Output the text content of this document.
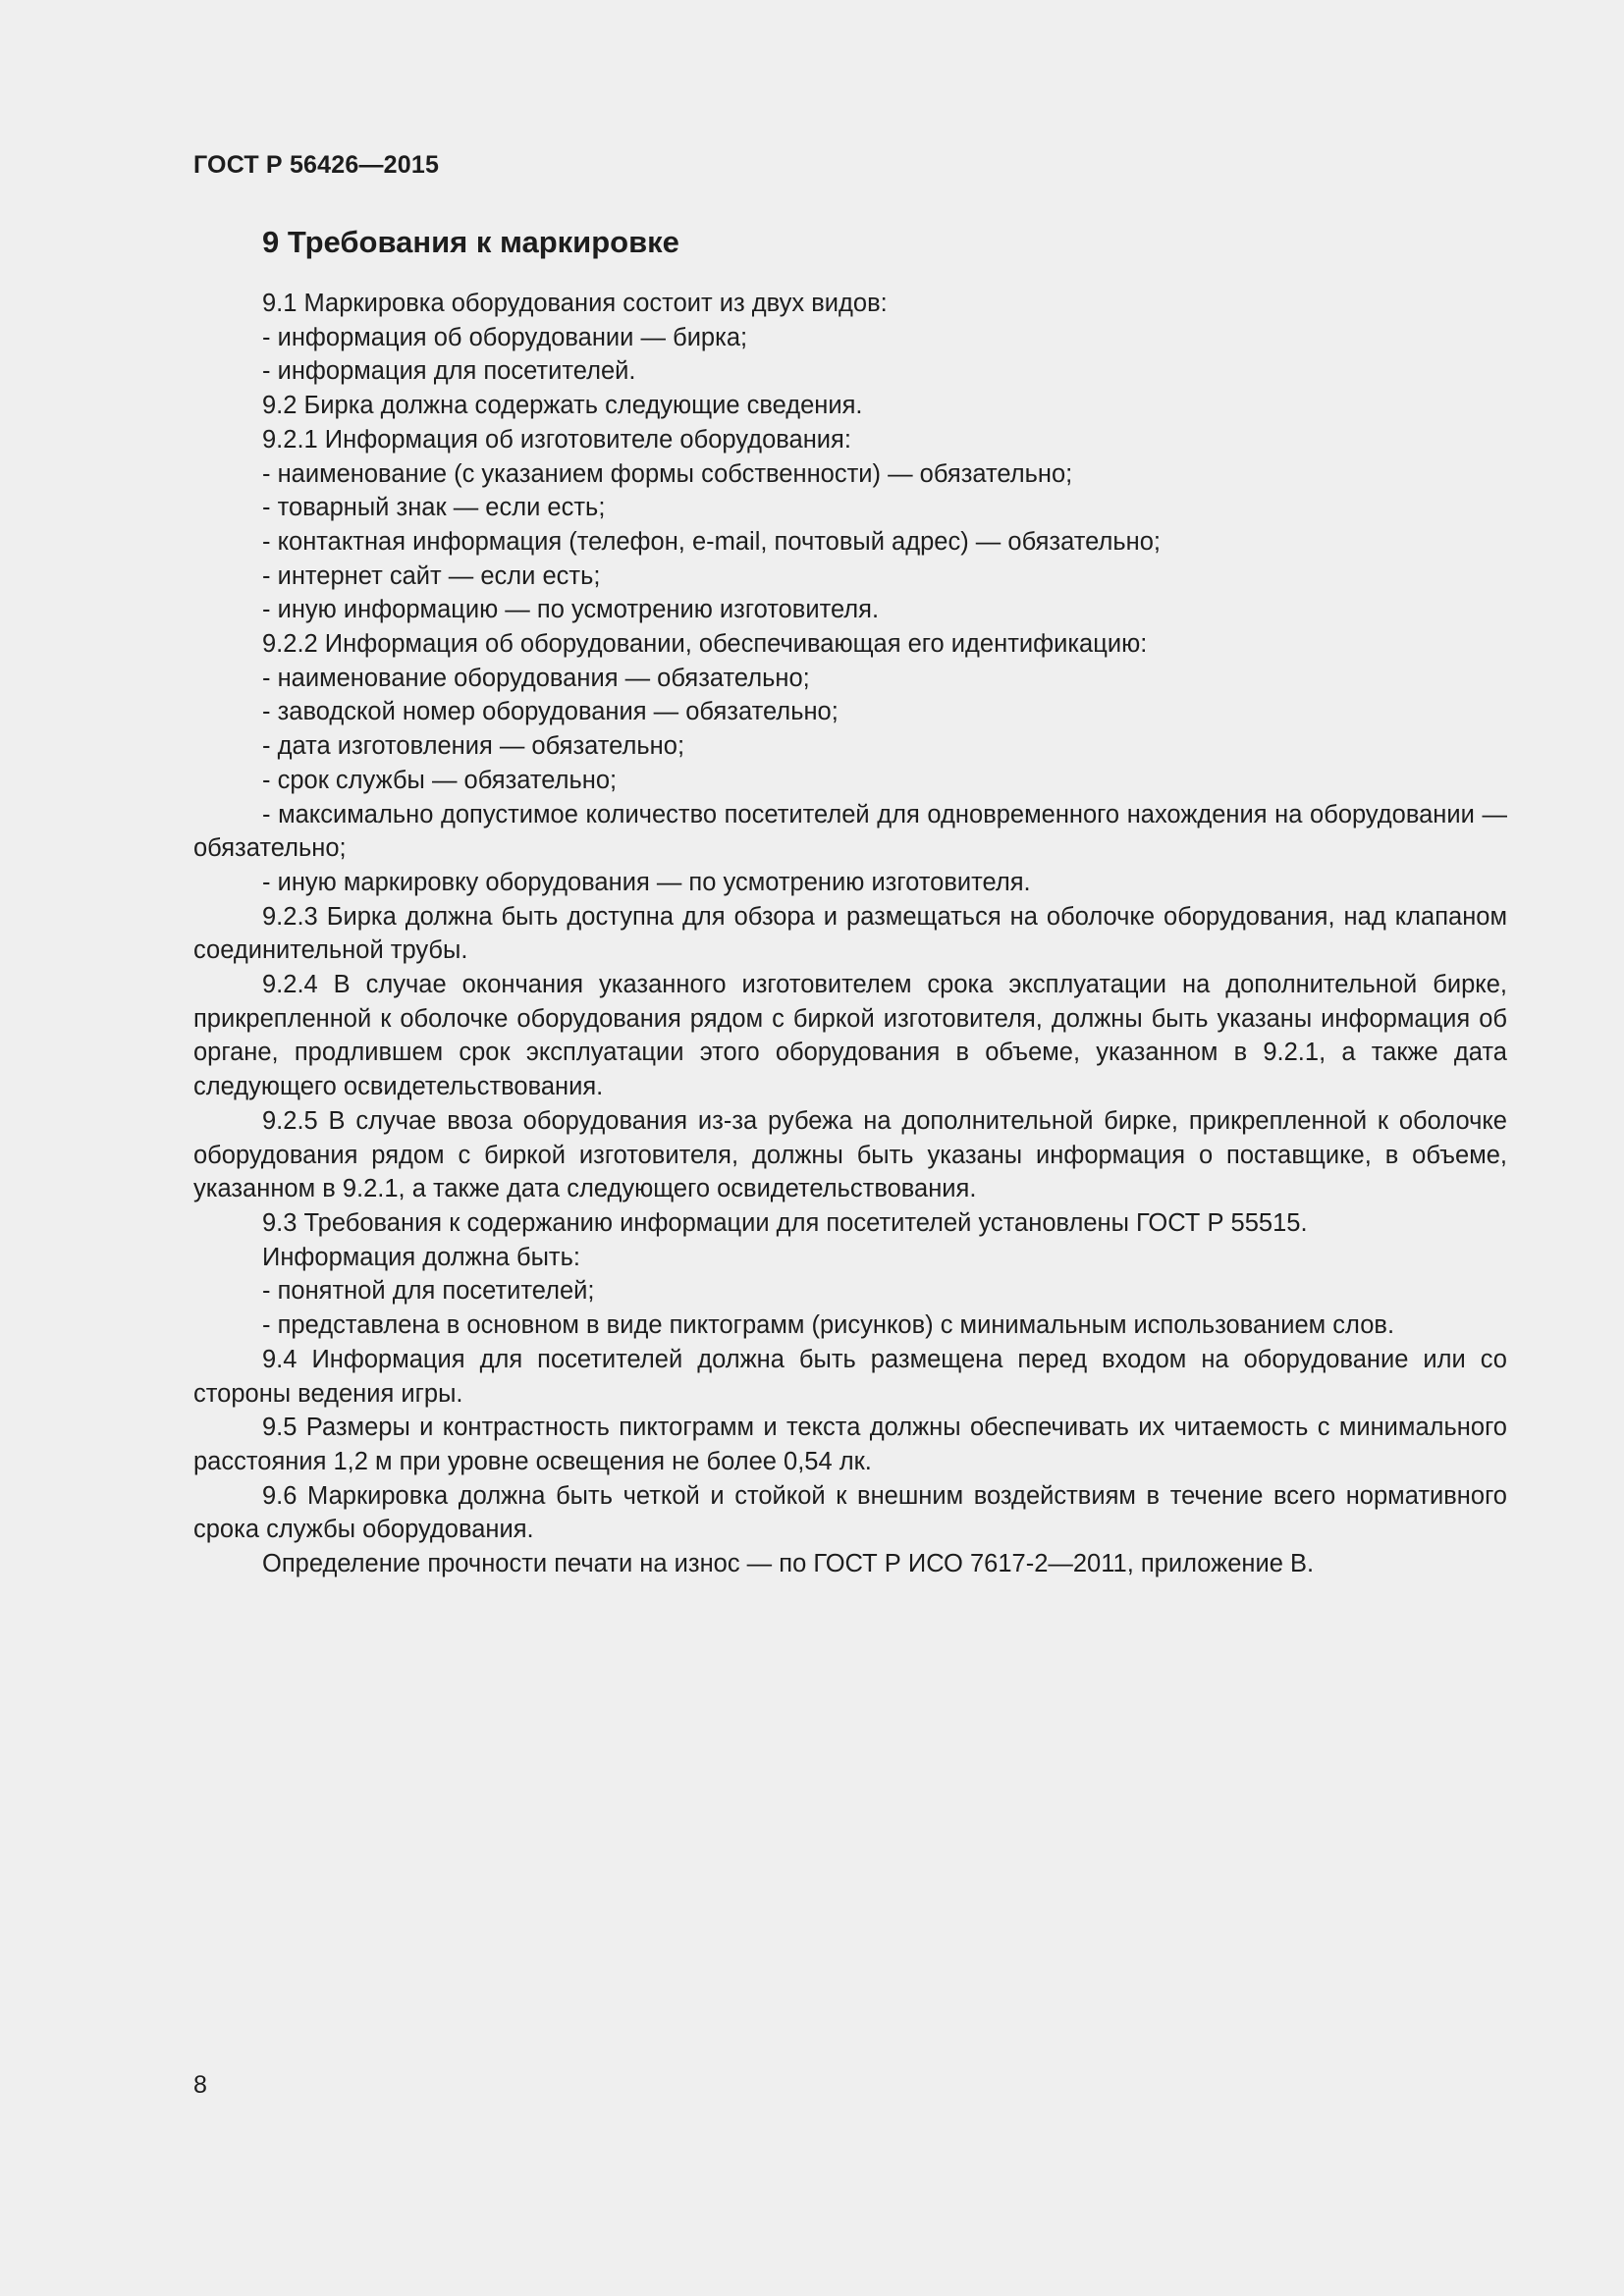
ГОСТ Р 56426—2015
9 Требования к маркировке

9.1 Маркировка оборудования состоит из двух видов:

- информация об оборудовании — бирка;

- информация для посетителей.

9.2 Бирка должна содержать следующие сведения.

9.2.1 Информация об изготовителе оборудования:

- наименование (с указанием формы собственности) — обязательно;

- товарный знак — если есть;

- контактная информация (телефон, e-mail, почтовый адрес) — обязательно;

- интернет сайт — если есть;

- иную информацию — по усмотрению изготовителя.

9.2.2 Информация об оборудовании, обеспечивающая его идентификацию:

- наименование оборудования — обязательно;

- заводской номер оборудования — обязательно;

- дата изготовления — обязательно;

- срок службы — обязательно;

- максимально допустимое количество посетителей для одновременного нахождения на оборудовании — обязательно;

- иную маркировку оборудования — по усмотрению изготовителя.

9.2.3 Бирка должна быть доступна для обзора и размещаться на оболочке оборудования, над клапаном соединительной трубы.

9.2.4 В случае окончания указанного изготовителем срока эксплуатации на дополнительной бирке, прикрепленной к оболочке оборудования рядом с биркой изготовителя, должны быть указаны информация об органе, продлившем срок эксплуатации этого оборудования в объеме, указанном в 9.2.1, а также дата следующего освидетельствования.

9.2.5 В случае ввоза оборудования из-за рубежа на дополнительной бирке, прикрепленной к оболочке оборудования рядом с биркой изготовителя, должны быть указаны информация о поставщике, в объеме, указанном в 9.2.1, а также дата следующего освидетельствования.

9.3 Требования к содержанию информации для посетителей установлены ГОСТ Р 55515.

Информация должна быть:

- понятной для посетителей;

- представлена в основном в виде пиктограмм (рисунков) с минимальным использованием слов.

9.4 Информация для посетителей должна быть размещена перед входом на оборудование или со стороны ведения игры.

9.5 Размеры и контрастность пиктограмм и текста должны обеспечивать их читаемость с минимального расстояния 1,2 м при уровне освещения не более 0,54 лк.

9.6 Маркировка должна быть четкой и стойкой к внешним воздействиям в течение всего нормативного срока службы оборудования.

Определение прочности печати на износ — по ГОСТ Р ИСО 7617-2—2011, приложение В.

8
